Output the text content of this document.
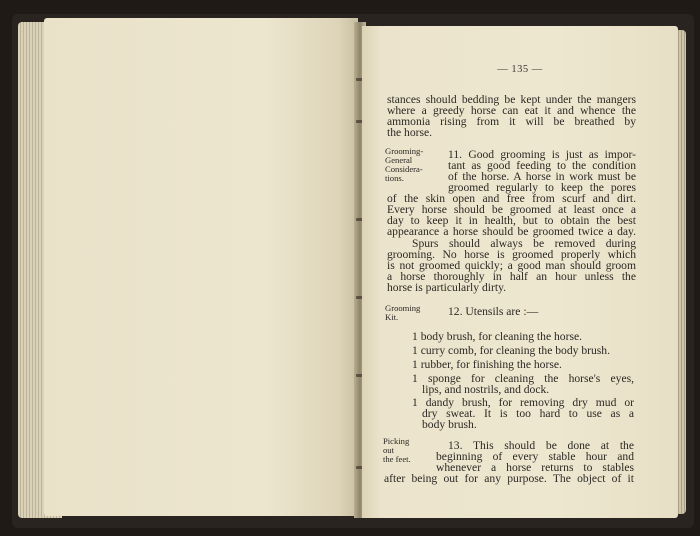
— 135 —
stances should bedding be kept under the mangers
where a greedy horse can eat it and whence the
ammonia rising from it will be breathed by
the horse.
Grooming-
General
Considera-
tions.
11. Good grooming is just as impor-
tant as good feeding to the condition
of the horse. A horse in work must be
groomed regularly to keep the pores
of the skin open and free from scurf and dirt.
Every horse should be groomed at least once a
day to keep it in health, but to obtain the best
appearance a horse should be groomed twice a day.
Spurs should always be removed during
grooming. No horse is groomed properly which
is not groomed quickly; a good man should groom
a horse thoroughly in half an hour unless the
horse is particularly dirty.
Grooming
Kit.	12. Utensils are :—
1 body brush, for cleaning the horse.
1 curry comb, for cleaning the body brush.
1 rubber, for finishing the horse.
1 sponge for cleaning the horse's eyes,
lips, and nostrils, and dock.
1 dandy brush, for removing dry mud or
dry sweat. It is too hard to use as a
body brush.
Picking
out
the feet.
13. This should be done at the
beginning of every stable hour and
whenever a horse returns to stables
after being out for any purpose. The object of it
